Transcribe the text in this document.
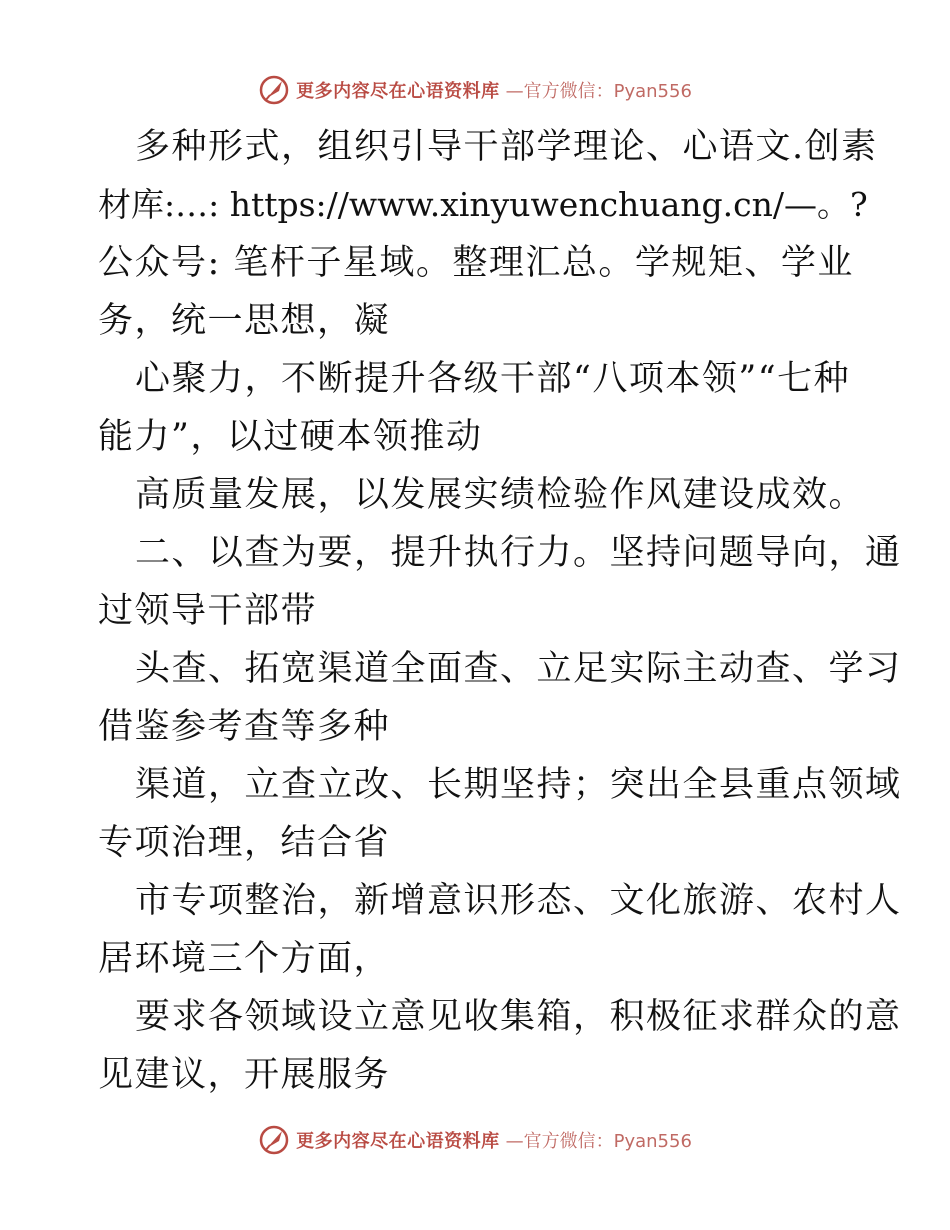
更多内容尽在心语资料库 —官方微信：Pyan556

多种形式，组织引导干部学理论、心语文.创素

材库:…: https://www.xinyuwenchuang.cn/—。?

公众号: 笔杆子星域。整理汇总。学规矩、学业

务，统一思想，凝

心聚力，不断提升各级干部“八项本领”“七种

能力”，以过硬本领推动

高质量发展，以发展实绩检验作风建设成效。

二、以查为要，提升执行力。坚持问题导向，通

过领导干部带

头查、拓宽渠道全面查、立足实际主动查、学习

借鉴参考查等多种

渠道，立查立改、长期坚持；突出全县重点领域

专项治理，结合省

市专项整治，新增意识形态、文化旅游、农村人

居环境三个方面，

要求各领域设立意见收集箱，积极征求群众的意

见建议，开展服务

更多内容尽在心语资料库 —官方微信：Pyan556
